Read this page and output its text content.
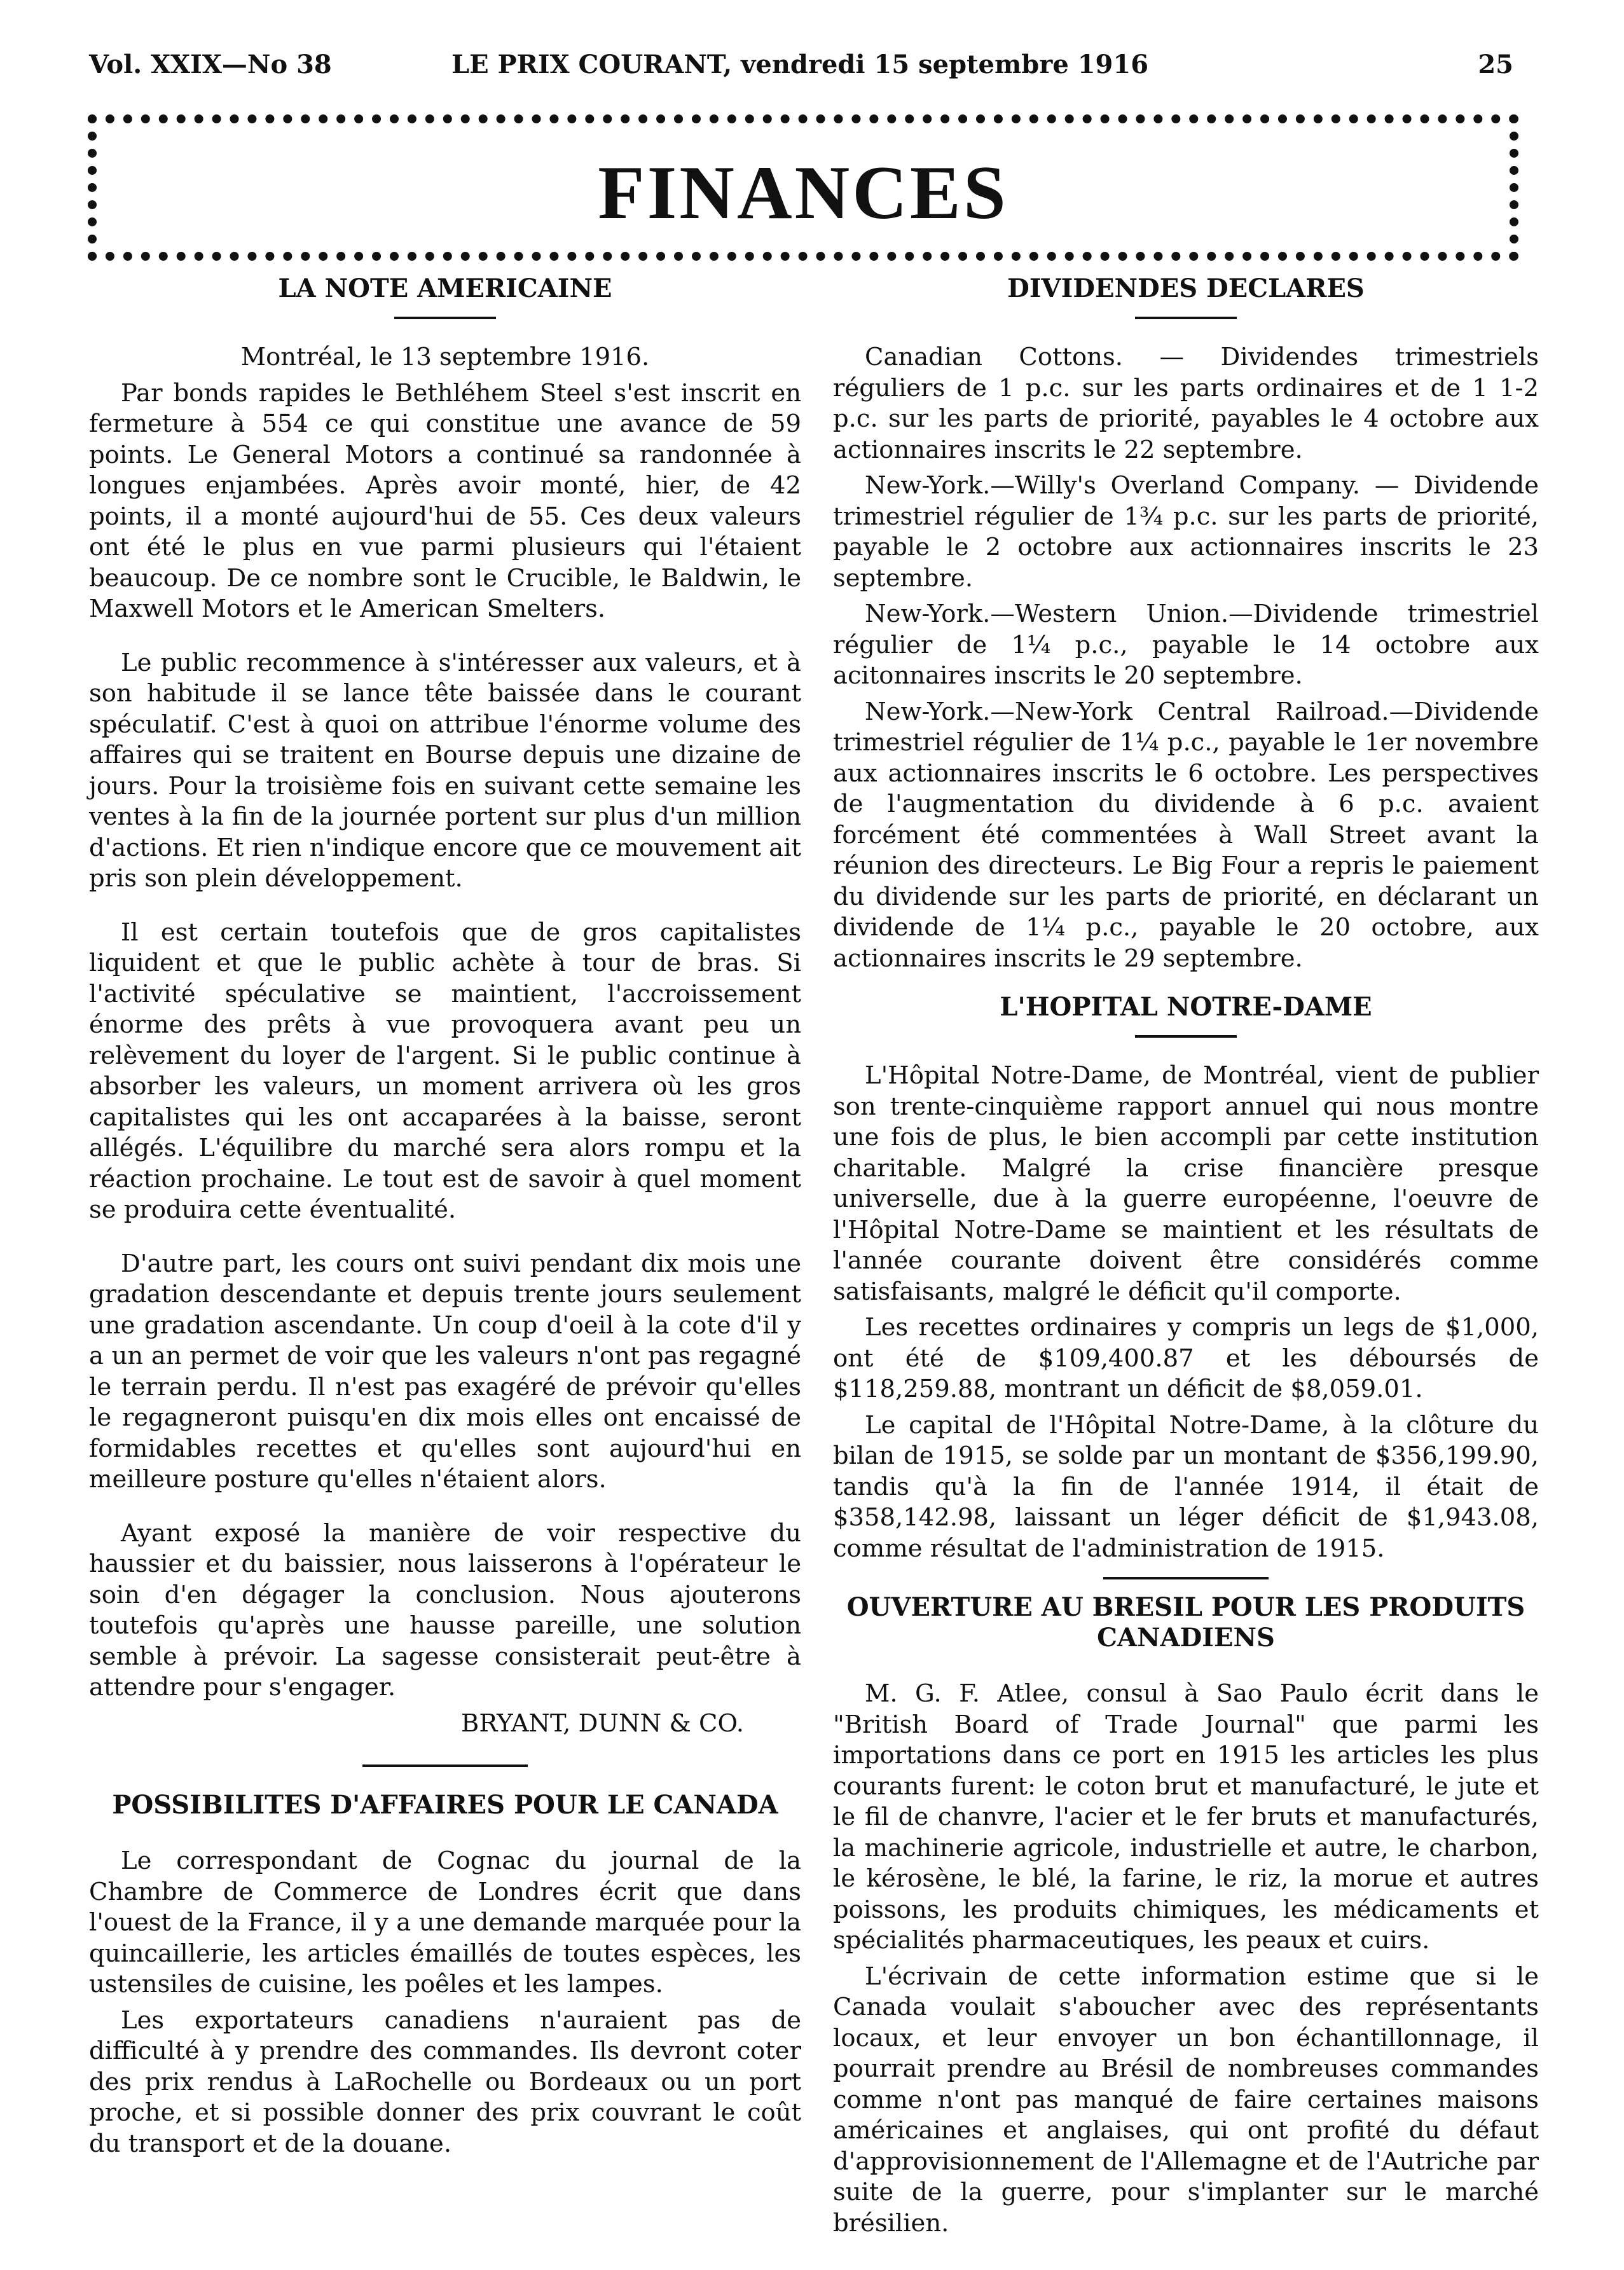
Vol. XXIX—No 38	LE PRIX COURANT, vendredi 15 septembre 1916	25
FINANCES
LA NOTE AMERICAINE

Montréal, le 13 septembre 1916.

Par bonds rapides le Bethléhem Steel s'est inscrit en fermeture à 554 ce qui constitue une avance de 59 points. Le General Motors a continué sa randonnée à longues enjambées. Après avoir monté, hier, de 42 points, il a monté aujourd'hui de 55. Ces deux valeurs ont été le plus en vue parmi plusieurs qui l'étaient beaucoup. De ce nombre sont le Crucible, le Baldwin, le Maxwell Motors et le American Smelters.

Le public recommence à s'intéresser aux valeurs, et à son habitude il se lance tête baissée dans le courant spéculatif. C'est à quoi on attribue l'énorme volume des affaires qui se traitent en Bourse depuis une dizaine de jours. Pour la troisième fois en suivant cette semaine les ventes à la fin de la journée portent sur plus d'un million d'actions. Et rien n'indique encore que ce mouvement ait pris son plein développement.

Il est certain toutefois que de gros capitalistes liquident et que le public achète à tour de bras. Si l'activité spéculative se maintient, l'accroissement énorme des prêts à vue provoquera avant peu un relèvement du loyer de l'argent. Si le public continue à absorber les valeurs, un moment arrivera où les gros capitalistes qui les ont accaparées à la baisse, seront allégés. L'équilibre du marché sera alors rompu et la réaction prochaine. Le tout est de savoir à quel moment se produira cette éventualité.

D'autre part, les cours ont suivi pendant dix mois une gradation descendante et depuis trente jours seulement une gradation ascendante. Un coup d'oeil à la cote d'il y a un an permet de voir que les valeurs n'ont pas regagné le terrain perdu. Il n'est pas exagéré de prévoir qu'elles le regagneront puisqu'en dix mois elles ont encaissé de formidables recettes et qu'elles sont aujourd'hui en meilleure posture qu'elles n'étaient alors.

Ayant exposé la manière de voir respective du haussier et du baissier, nous laisserons à l'opérateur le soin d'en dégager la conclusion. Nous ajouterons toutefois qu'après une hausse pareille, une solution semble à prévoir. La sagesse consisterait peut-être à attendre pour s'engager.

BRYANT, DUNN & CO.

POSSIBILITES D'AFFAIRES POUR LE CANADA

Le correspondant de Cognac du journal de la Chambre de Commerce de Londres écrit que dans l'ouest de la France, il y a une demande marquée pour la quincaillerie, les articles émaillés de toutes espèces, les ustensiles de cuisine, les poêles et les lampes.

Les exportateurs canadiens n'auraient pas de difficulté à y prendre des commandes. Ils devront coter des prix rendus à LaRochelle ou Bordeaux ou un port proche, et si possible donner des prix couvrant le coût du transport et de la douane.

DIVIDENDES DECLARES

Canadian Cottons. — Dividendes trimestriels réguliers de 1 p.c. sur les parts ordinaires et de 1 1-2 p.c. sur les parts de priorité, payables le 4 octobre aux actionnaires inscrits le 22 septembre.

New-York.—Willy's Overland Company. — Dividende trimestriel régulier de 1¾ p.c. sur les parts de priorité, payable le 2 octobre aux actionnaires inscrits le 23 septembre.

New-York.—Western Union.—Dividende trimestriel régulier de 1¼ p.c., payable le 14 octobre aux acitonnaires inscrits le 20 septembre.

New-York.—New-York Central Railroad.—Dividende trimestriel régulier de 1¼ p.c., payable le 1er novembre aux actionnaires inscrits le 6 octobre. Les perspectives de l'augmentation du dividende à 6 p.c. avaient forcément été commentées à Wall Street avant la réunion des directeurs. Le Big Four a repris le paiement du dividende sur les parts de priorité, en déclarant un dividende de 1¼ p.c., payable le 20 octobre, aux actionnaires inscrits le 29 septembre.

L'HOPITAL NOTRE-DAME

L'Hôpital Notre-Dame, de Montréal, vient de publier son trente-cinquième rapport annuel qui nous montre une fois de plus, le bien accompli par cette institution charitable. Malgré la crise financière presque universelle, due à la guerre européenne, l'oeuvre de l'Hôpital Notre-Dame se maintient et les résultats de l'année courante doivent être considérés comme satisfaisants, malgré le déficit qu'il comporte.

Les recettes ordinaires y compris un legs de $1,000, ont été de $109,400.87 et les déboursés de $118,259.88, montrant un déficit de $8,059.01.

Le capital de l'Hôpital Notre-Dame, à la clôture du bilan de 1915, se solde par un montant de $356,199.90, tandis qu'à la fin de l'année 1914, il était de $358,142.98, laissant un léger déficit de $1,943.08, comme résultat de l'administration de 1915.

OUVERTURE AU BRESIL POUR LES PRODUITS CANADIENS

M. G. F. Atlee, consul à Sao Paulo écrit dans le "British Board of Trade Journal" que parmi les importations dans ce port en 1915 les articles les plus courants furent: le coton brut et manufacturé, le jute et le fil de chanvre, l'acier et le fer bruts et manufacturés, la machinerie agricole, industrielle et autre, le charbon, le kérosène, le blé, la farine, le riz, la morue et autres poissons, les produits chimiques, les médicaments et spécialités pharmaceutiques, les peaux et cuirs.

L'écrivain de cette information estime que si le Canada voulait s'aboucher avec des représentants locaux, et leur envoyer un bon échantillonnage, il pourrait prendre au Brésil de nombreuses commandes comme n'ont pas manqué de faire certaines maisons américaines et anglaises, qui ont profité du défaut d'approvisionnement de l'Allemagne et de l'Autriche par suite de la guerre, pour s'implanter sur le marché brésilien.
